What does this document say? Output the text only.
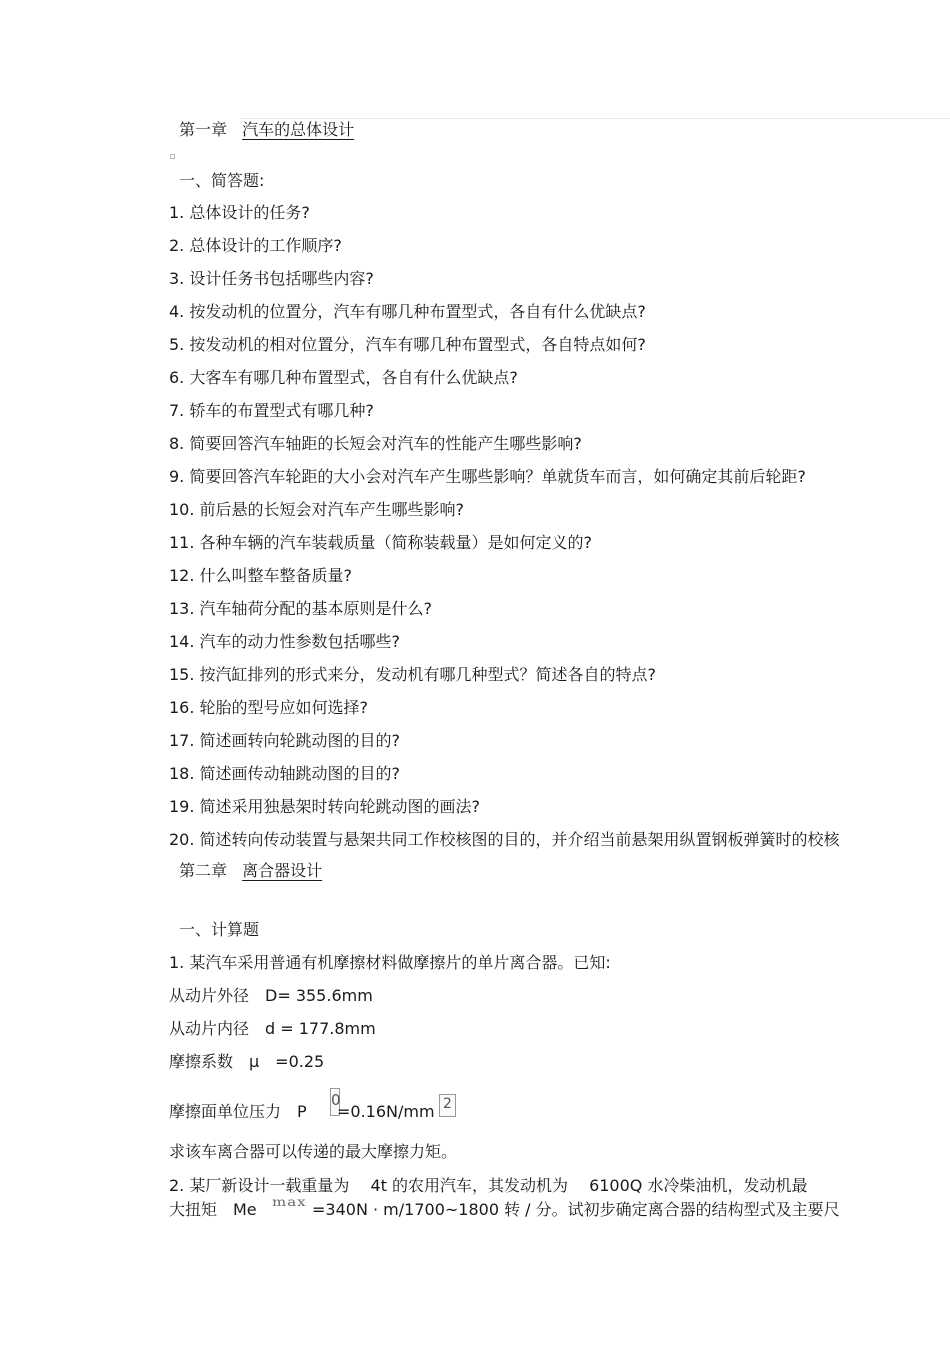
第一章 汽车的总体设计
一、简答题:
1. 总体设计的任务?
2. 总体设计的工作顺序?
3. 设计任务书包括哪些内容?
4. 按发动机的位置分，汽车有哪几种布置型式，各自有什么优缺点?
5. 按发动机的相对位置分，汽车有哪几种布置型式，各自特点如何?
6. 大客车有哪几种布置型式，各自有什么优缺点?
7. 轿车的布置型式有哪几种?
8. 简要回答汽车轴距的长短会对汽车的性能产生哪些影响?
9. 简要回答汽车轮距的大小会对汽车产生哪些影响？单就货车而言，如何确定其前后轮距?
10. 前后悬的长短会对汽车产生哪些影响?
11. 各种车辆的汽车装载质量（简称装载量）是如何定义的?
12. 什么叫整车整备质量?
13. 汽车轴荷分配的基本原则是什么?
14. 汽车的动力性参数包括哪些?
15. 按汽缸排列的形式来分，发动机有哪几种型式？简述各自的特点?
16. 轮胎的型号应如何选择?
17. 简述画转向轮跳动图的目的?
18. 简述画传动轴跳动图的目的?
19. 简述采用独悬架时转向轮跳动图的画法?
20. 简述转向传动装置与悬架共同工作校核图的目的，并介绍当前悬架用纵置钢板弹簧时的校核
第二章 离合器设计
一、计算题
1. 某汽车采用普通有机摩擦材料做摩擦片的单片离合器。已知:
从动片外径　D= 355.6mm
从动片内径　d = 177.8mm
摩擦系数　μ　=0.25
摩擦面单位压力　P
0
=0.16N/mm 2
求该车离合器可以传递的最大摩擦力矩。
2. 某厂新设计一载重量为　 4t 的农用汽车，其发动机为　 6100Q 水冷柴油机，发动机最
大扭矩　Me max =340N · m/1700~1800 转 / 分。试初步确定离合器的结构型式及主要尺
